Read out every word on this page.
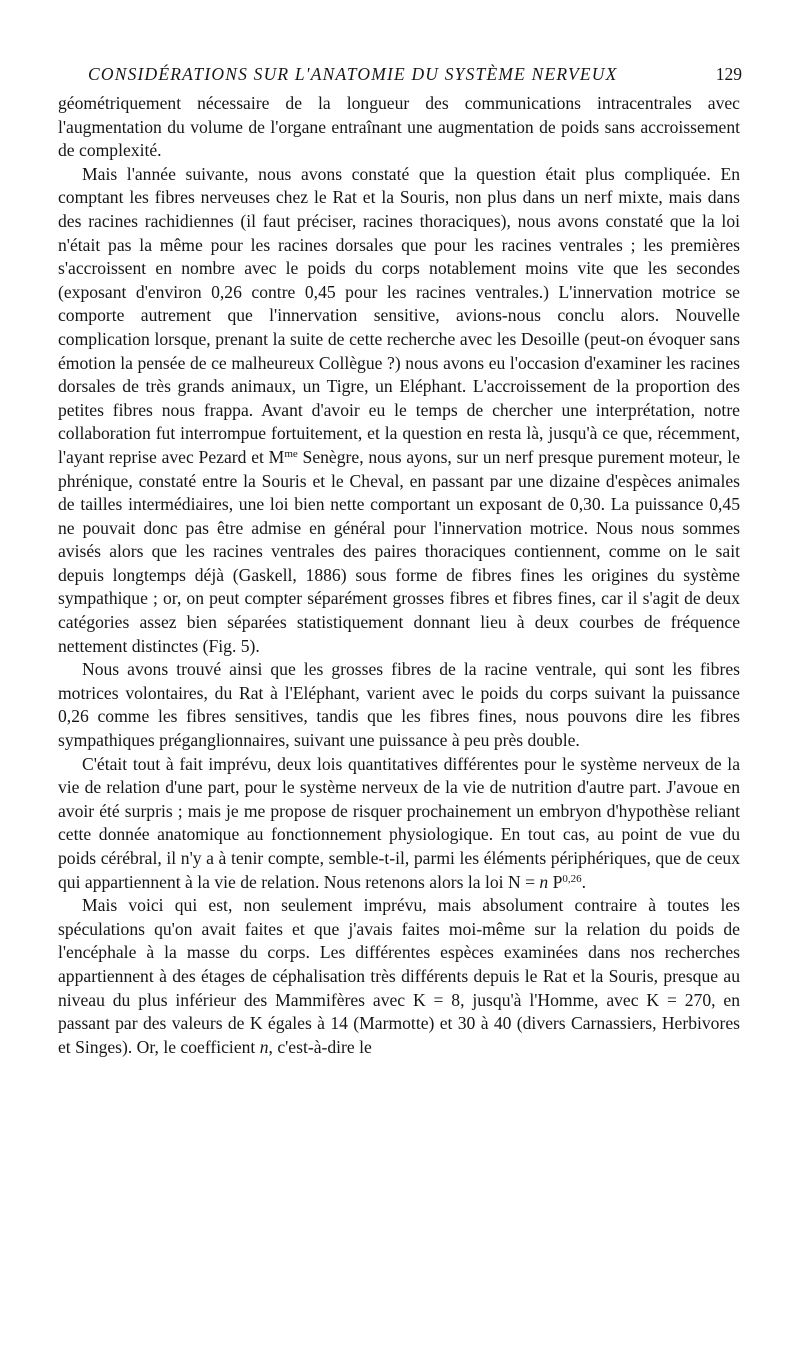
CONSIDÉRATIONS SUR L'ANATOMIE DU SYSTÈME NERVEUX	129

géométriquement nécessaire de la longueur des communications intracentrales avec l'augmentation du volume de l'organe entraînant une augmentation de poids sans accroissement de complexité.

Mais l'année suivante, nous avons constaté que la question était plus compliquée. En comptant les fibres nerveuses chez le Rat et la Souris, non plus dans un nerf mixte, mais dans des racines rachidiennes (il faut préciser, racines thoraciques), nous avons constaté que la loi n'était pas la même pour les racines dorsales que pour les racines ventrales ; les premières s'accroissent en nombre avec le poids du corps notablement moins vite que les secondes (exposant d'environ 0,26 contre 0,45 pour les racines ventrales.) L'innervation motrice se comporte autrement que l'innervation sensitive, avions-nous conclu alors. Nouvelle complication lorsque, prenant la suite de cette recherche avec les Desoille (peut-on évoquer sans émotion la pensée de ce malheureux Collègue ?) nous avons eu l'occasion d'examiner les racines dorsales de très grands animaux, un Tigre, un Eléphant. L'accroissement de la proportion des petites fibres nous frappa. Avant d'avoir eu le temps de chercher une interprétation, notre collaboration fut interrompue fortuitement, et la question en resta là, jusqu'à ce que, récemment, l'ayant reprise avec Pezard et $M^{me}$ Senègre, nous ayons, sur un nerf presque purement moteur, le phrénique, constaté entre la Souris et le Cheval, en passant par une dizaine d'espèces animales de tailles intermédiaires, une loi bien nette comportant un exposant de 0,30. La puissance 0,45 ne pouvait donc pas être admise en général pour l'innervation motrice. Nous nous sommes avisés alors que les racines ventrales des paires thoraciques contiennent, comme on le sait depuis longtemps déjà (Gaskell, 1886) sous forme de fibres fines les origines du système sympathique ; or, on peut compter séparément grosses fibres et fibres fines, car il s'agit de deux catégories assez bien séparées statistiquement donnant lieu à deux courbes de fréquence nettement distinctes (Fig. 5).

Nous avons trouvé ainsi que les grosses fibres de la racine ventrale, qui sont les fibres motrices volontaires, du Rat à l'Eléphant, varient avec le poids du corps suivant la puissance 0,26 comme les fibres sensitives, tandis que les fibres fines, nous pouvons dire les fibres sympathiques préganglionnaires, suivant une puissance à peu près double.

C'était tout à fait imprévu, deux lois quantitatives différentes pour le système nerveux de la vie de relation d'une part, pour le système nerveux de la vie de nutrition d'autre part. J'avoue en avoir été surpris ; mais je me propose de risquer prochainement un embryon d'hypothèse reliant cette donnée anatomique au fonctionnement physiologique. En tout cas, au point de vue du poids cérébral, il n'y a à tenir compte, semble-t-il, parmi les éléments périphériques, que de ceux qui appartiennent à la vie de relation. Nous retenons alors la loi N = n P$^{0,26}$.

Mais voici qui est, non seulement imprévu, mais absolument contraire à toutes les spéculations qu'on avait faites et que j'avais faites moi-même sur la relation du poids de l'encéphale à la masse du corps. Les différentes espèces examinées dans nos recherches appartiennent à des étages de céphalisation très différents depuis le Rat et la Souris, presque au niveau du plus inférieur des Mammifères avec K = 8, jusqu'à l'Homme, avec K = 270, en passant par des valeurs de K égales à 14 (Marmotte) et 30 à 40 (divers Carnassiers, Herbivores et Singes). Or, le coefficient n, c'est-à-dire le
